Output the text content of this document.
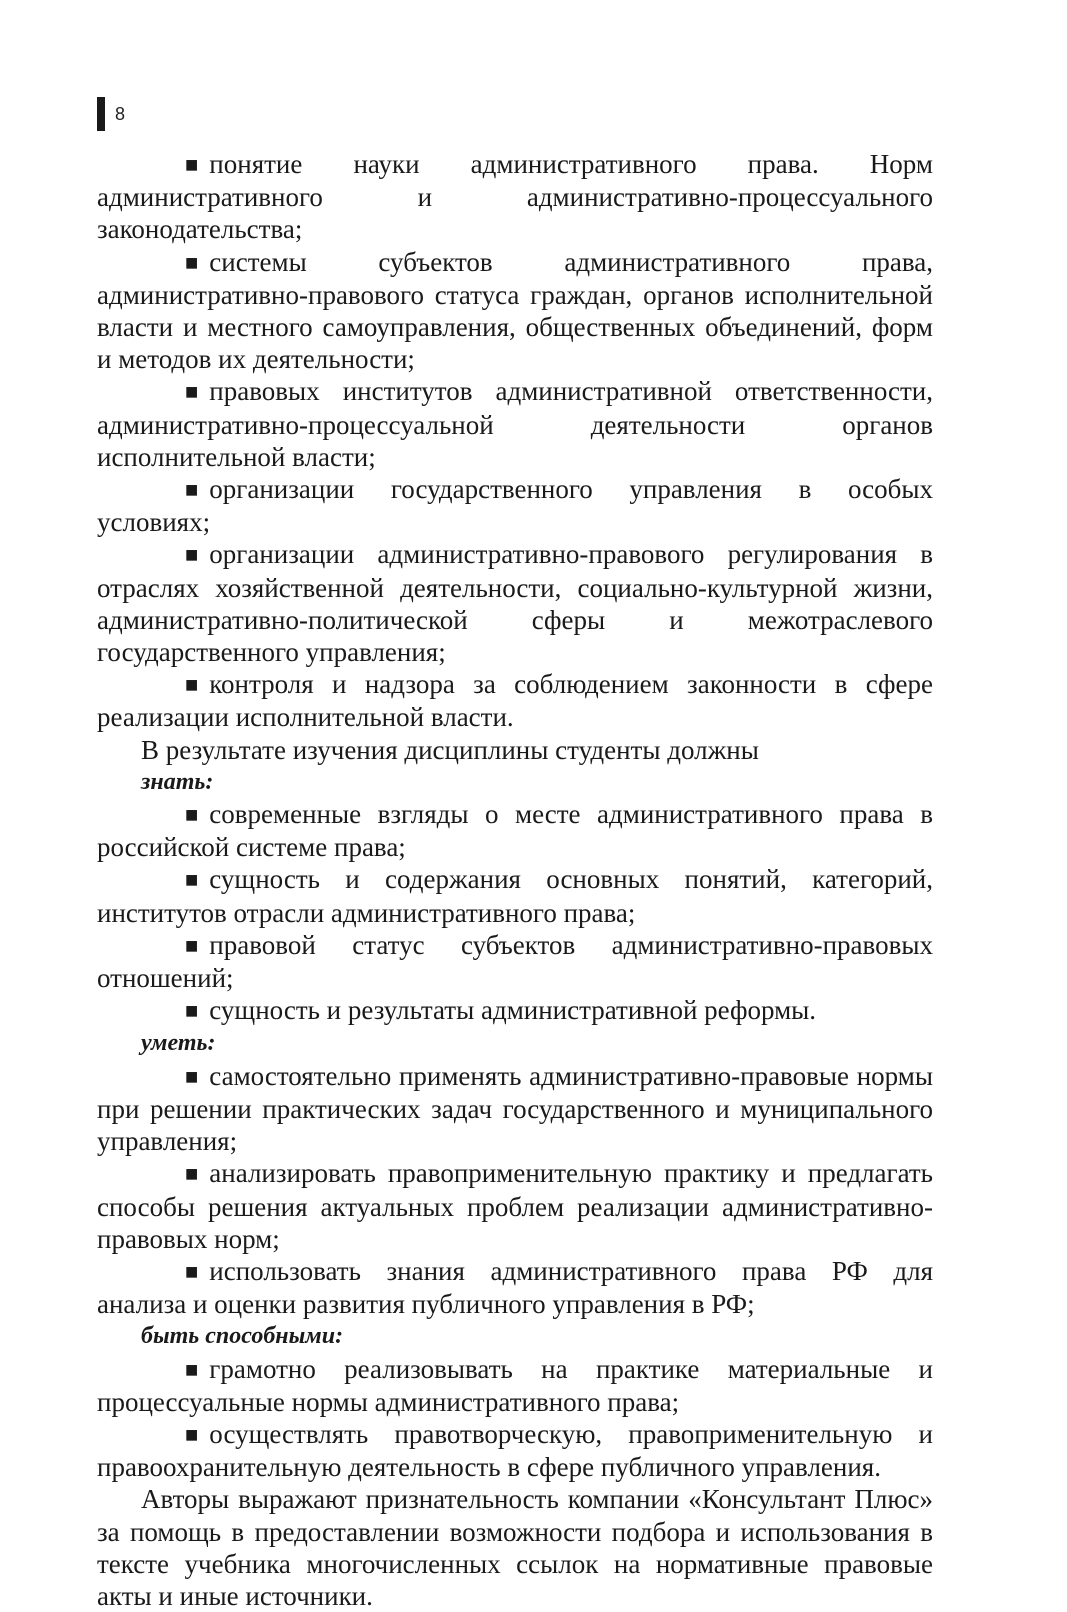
8

■ понятие науки административного права. Норм административного и административно-процессуального законодательства;

■ системы субъектов административного права, административно-правового статуса граждан, органов исполнительной власти и местного самоуправления, общественных объединений, форм и методов их деятельности;

■ правовых институтов административной ответственности, административно-процессуальной деятельности органов исполнительной власти;

■ организации государственного управления в особых условиях;

■ организации административно-правового регулирования в отраслях хозяйственной деятельности, социально-культурной жизни, административно-политической сферы и межотраслевого государственного управления;

■ контроля и надзора за соблюдением законности в сфере реализации исполнительной власти.

В результате изучения дисциплины студенты должны

знать:

■ современные взгляды о месте административного права в российской системе права;

■ сущность и содержания основных понятий, категорий, институтов отрасли административного права;

■ правовой статус субъектов административно-правовых отношений;

■ сущность и результаты административной реформы.

уметь:

■ самостоятельно применять административно-правовые нормы при решении практических задач государственного и муниципального управления;

■ анализировать правоприменительную практику и предлагать способы решения актуальных проблем реализации административно-правовых норм;

■ использовать знания административного права РФ для анализа и оценки развития публичного управления в РФ;

быть способными:

■ грамотно реализовывать на практике материальные и процессуальные нормы административного права;

■ осуществлять правотворческую, правоприменительную и правоохранительную деятельность в сфере публичного управления.

Авторы выражают признательность компании «Консультант Плюс» за помощь в предоставлении возможности подбора и использования в тексте учебника многочисленных ссылок на нормативные правовые акты и иные источники.
